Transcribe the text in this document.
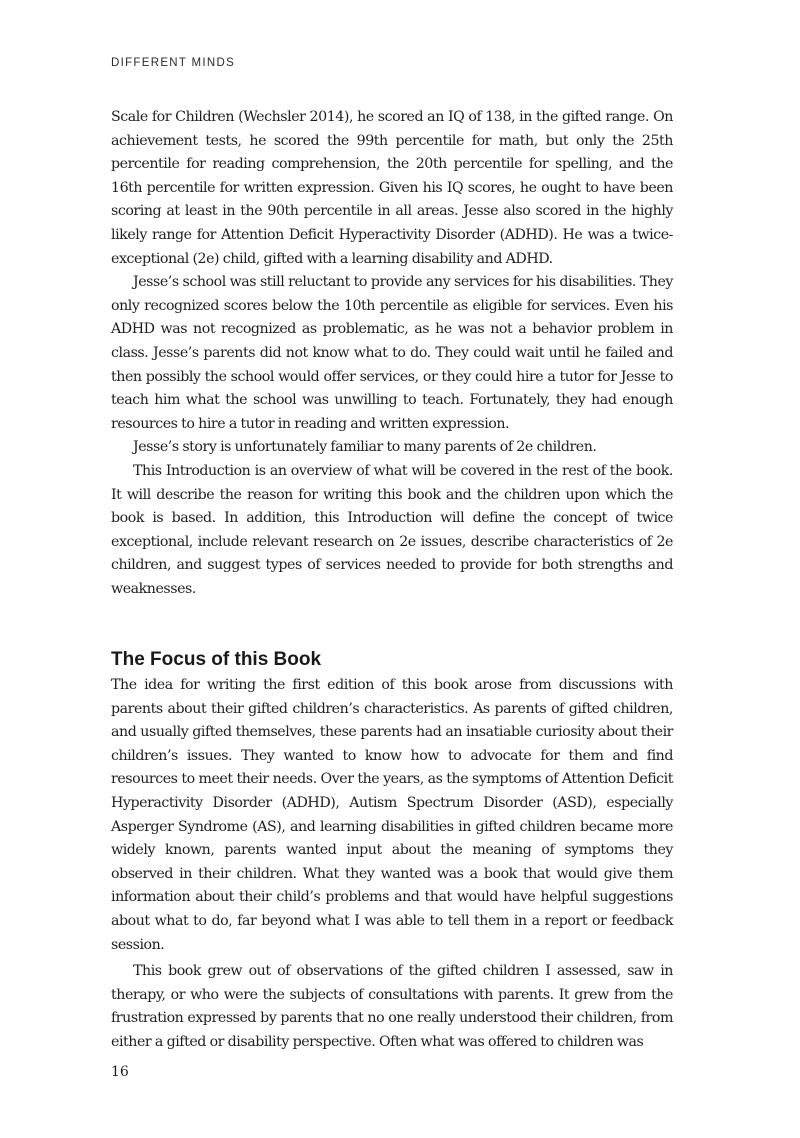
DIFFERENT MINDS

Scale for Children (Wechsler 2014), he scored an IQ of 138, in the gifted range. On achievement tests, he scored the 99th percentile for math, but only the 25th percentile for reading comprehension, the 20th percentile for spelling, and the 16th percentile for written expression. Given his IQ scores, he ought to have been scoring at least in the 90th percentile in all areas. Jesse also scored in the highly likely range for Attention Deficit Hyperactivity Disorder (ADHD). He was a twice-exceptional (2e) child, gifted with a learning disability and ADHD.

Jesse’s school was still reluctant to provide any services for his disabilities. They only recognized scores below the 10th percentile as eligible for services. Even his ADHD was not recognized as problematic, as he was not a behavior problem in class. Jesse’s parents did not know what to do. They could wait until he failed and then possibly the school would offer services, or they could hire a tutor for Jesse to teach him what the school was unwilling to teach. Fortunately, they had enough resources to hire a tutor in reading and written expression.

Jesse’s story is unfortunately familiar to many parents of 2e children.

This Introduction is an overview of what will be covered in the rest of the book. It will describe the reason for writing this book and the children upon which the book is based. In addition, this Introduction will define the concept of twice exceptional, include relevant research on 2e issues, describe characteristics of 2e children, and suggest types of services needed to provide for both strengths and weaknesses.

The Focus of this Book

The idea for writing the first edition of this book arose from discussions with parents about their gifted children’s characteristics. As parents of gifted children, and usually gifted themselves, these parents had an insatiable curiosity about their children’s issues. They wanted to know how to advocate for them and find resources to meet their needs. Over the years, as the symptoms of Attention Deficit Hyperactivity Disorder (ADHD), Autism Spectrum Disorder (ASD), especially Asperger Syndrome (AS), and learning disabilities in gifted children became more widely known, parents wanted input about the meaning of symptoms they observed in their children. What they wanted was a book that would give them information about their child’s problems and that would have helpful suggestions about what to do, far beyond what I was able to tell them in a report or feedback session.

This book grew out of observations of the gifted children I assessed, saw in therapy, or who were the subjects of consultations with parents. It grew from the frustration expressed by parents that no one really understood their children, from either a gifted or disability perspective. Often what was offered to children was

16
